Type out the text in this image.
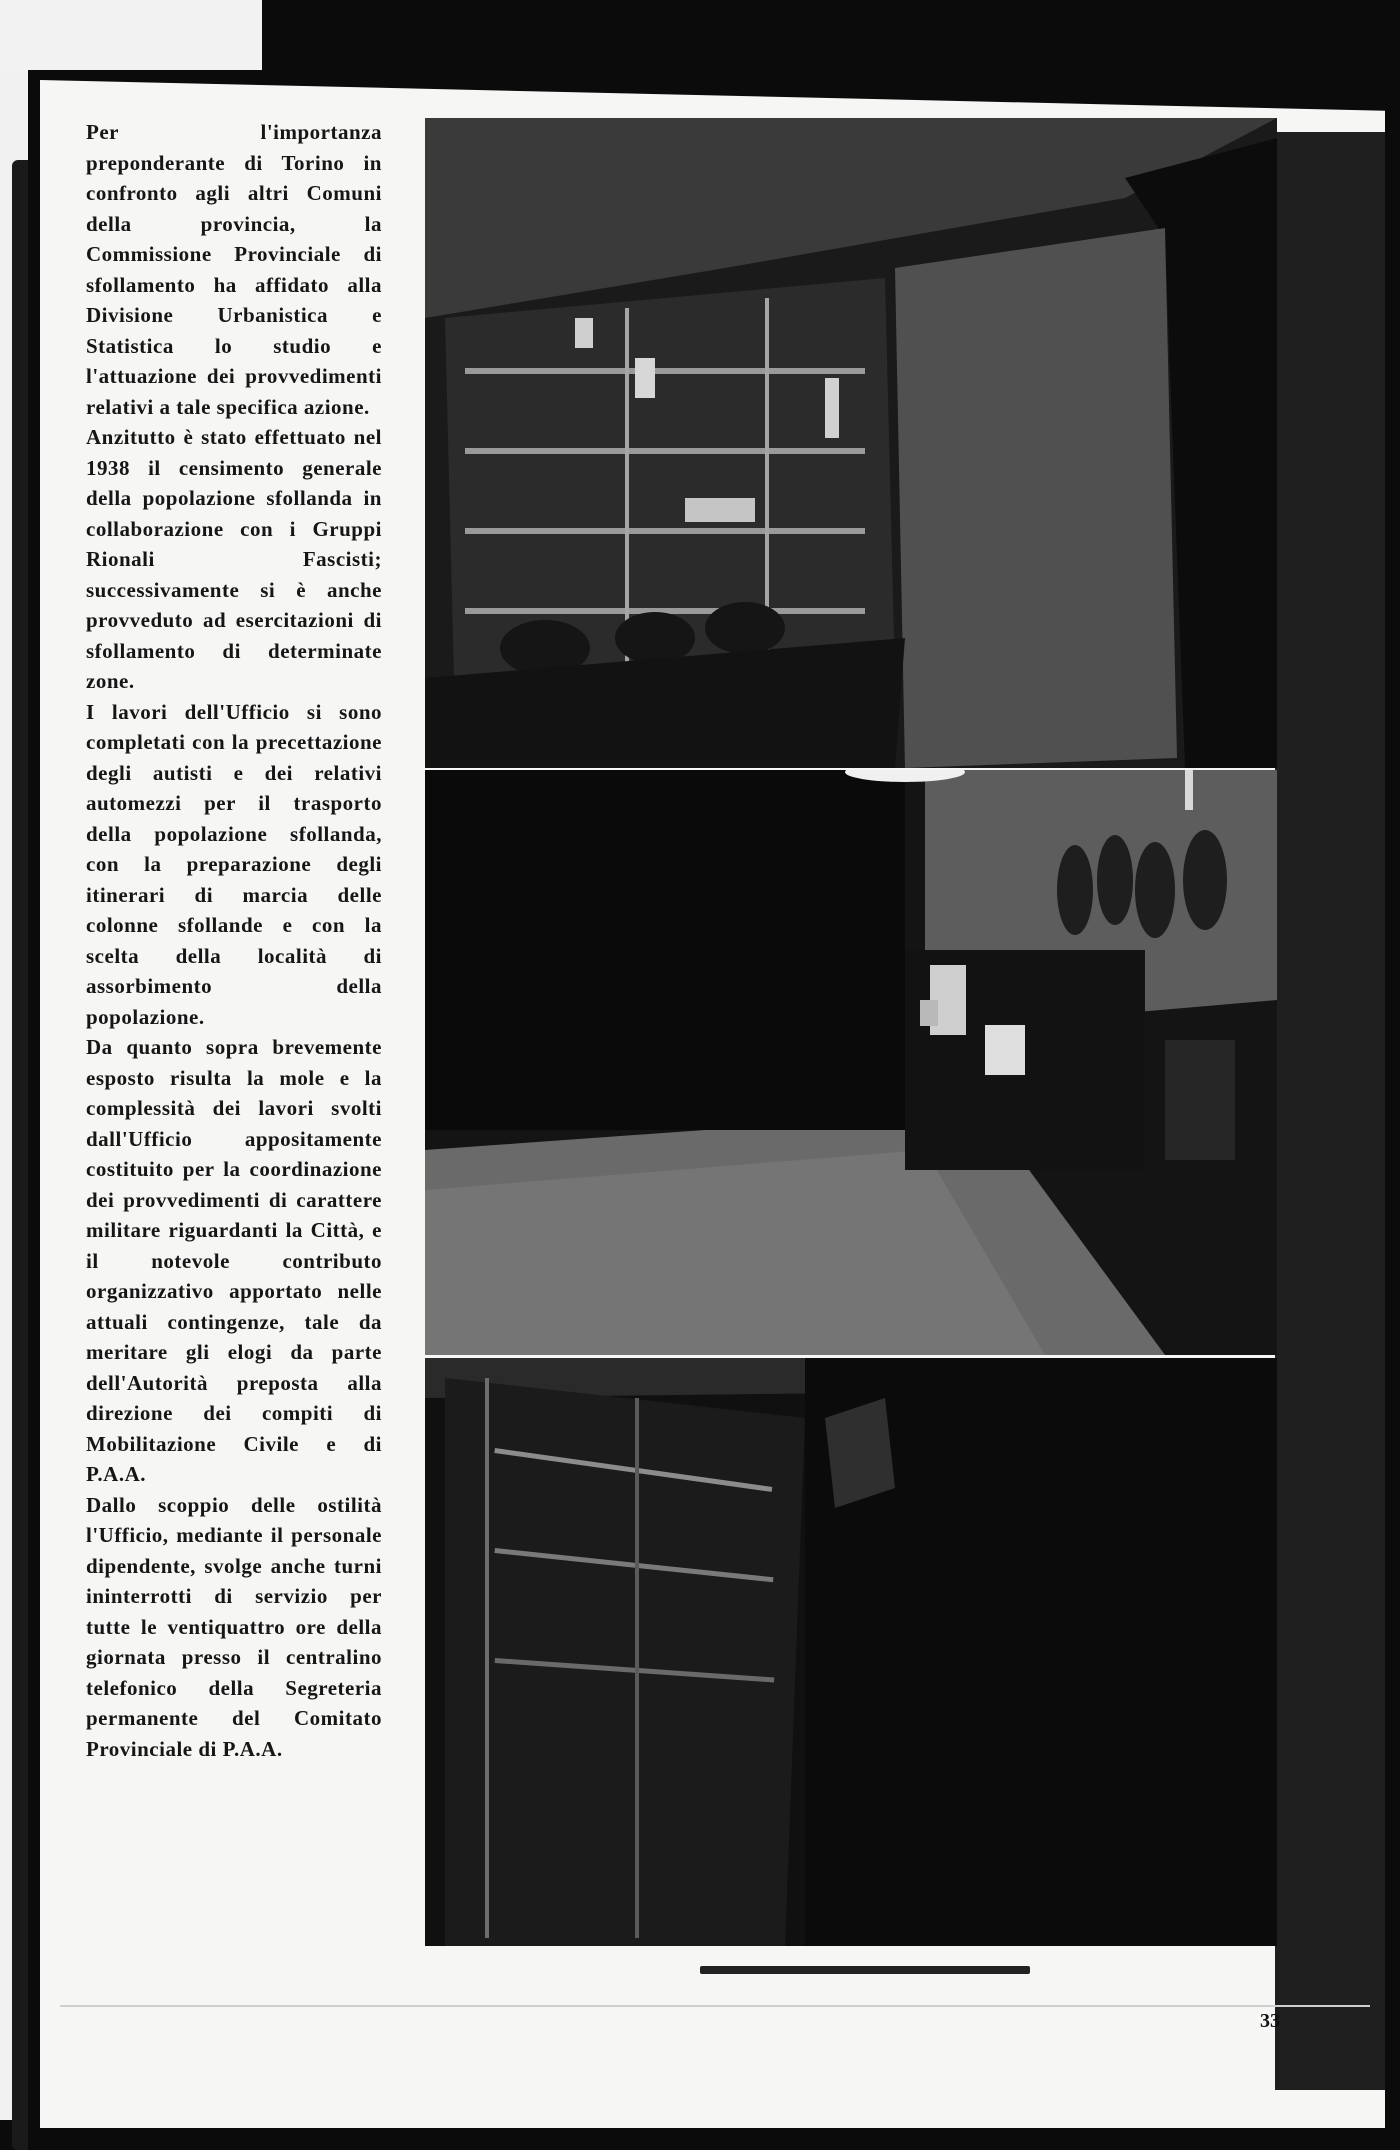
Per l'importanza preponderante di Torino in confronto agli altri Comuni della provincia, la Commissione Provinciale di sfollamento ha affidato alla Divisione Urbanistica e Statistica lo studio e l'attuazione dei provvedimenti relativi a tale specifica azione.

Anzitutto è stato effettuato nel 1938 il censimento generale della popolazione sfollanda in collaborazione con i Gruppi Rionali Fascisti; successivamente si è anche provveduto ad esercitazioni di sfollamento di determinate zone.

I lavori dell'Ufficio si sono completati con la precettazione degli autisti e dei relativi automezzi per il trasporto della popolazione sfollanda, con la preparazione degli itinerari di marcia delle colonne sfollande e con la scelta della località di assorbimento della popolazione.

Da quanto sopra brevemente esposto risulta la mole e la complessità dei lavori svolti dall'Ufficio appositamente costituito per la coordinazione dei provvedimenti di carattere militare riguardanti la Città, e il notevole contributo organizzativo apportato nelle attuali contingenze, tale da meritare gli elogi da parte dell'Autorità preposta alla direzione dei compiti di Mobilitazione Civile e di P.A.A.

Dallo scoppio delle ostilità l'Ufficio, mediante il personale dipendente, svolge anche turni ininterrotti di servizio per tutte le ventiquattro ore della giornata presso il centralino telefonico della Segreteria permanente del Comitato Provinciale di P.A.A.

33
